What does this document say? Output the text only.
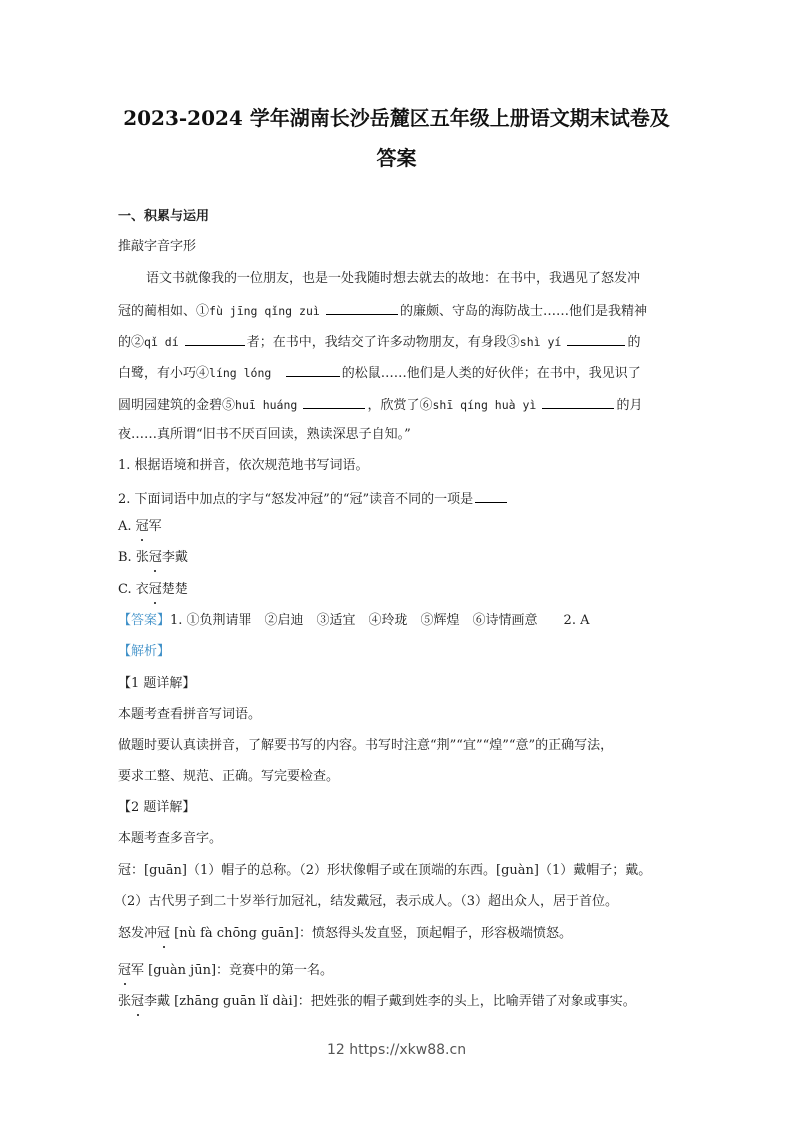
2023-2024 学年湖南长沙岳麓区五年级上册语文期末试卷及
答案
一、积累与运用
推敲字音字形
语文书就像我的一位朋友，也是一处我随时想去就去的故地：在书中，我遇见了怒发冲
冠的蔺相如、①fù jīng qǐng zuì	的廉颇、守岛的海防战士……他们是我精神
的②qǐ dí	者；在书中，我结交了许多动物朋友，有身段③shì yí	的
白鹭，有小巧④líng lóng	的松鼠……他们是人类的好伙伴；在书中，我见识了
圆明园建筑的金碧⑤huī huáng	，欣赏了⑥shī qíng huà yì	的月
夜……真所谓“旧书不厌百回读，熟读深思子自知。”
1. 根据语境和拼音，依次规范地书写词语。
2. 下面词语中加点的字与“怒发冲冠”的“冠”读音不同的一项是
A. 冠军
B. 张冠李戴
C. 衣冠楚楚
【答案】1. ①负荆请罪　②启迪　③适宜　④玲珑　⑤辉煌　⑥诗情画意　　2. A
【解析】
【1 题详解】
本题考查看拼音写词语。
做题时要认真读拼音，了解要书写的内容。书写时注意“荆”“宜”“煌”“意”的正确写法，
要求工整、规范、正确。写完要检查。
【2 题详解】
本题考查多音字。
冠：[guān]（1）帽子的总称。（2）形状像帽子或在顶端的东西。[guàn]（1）戴帽子；戴。
（2）古代男子到二十岁举行加冠礼，结发戴冠，表示成人。（3）超出众人，居于首位。
怒发冲冠 [nù fà chōng guān]：愤怒得头发直竖，顶起帽子，形容极端愤怒。
冠军 [guàn jūn]：竞赛中的第一名。
张冠李戴 [zhāng guān lǐ dài]：把姓张的帽子戴到姓李的头上，比喻弄错了对象或事实。
12 https://xkw88.cn
